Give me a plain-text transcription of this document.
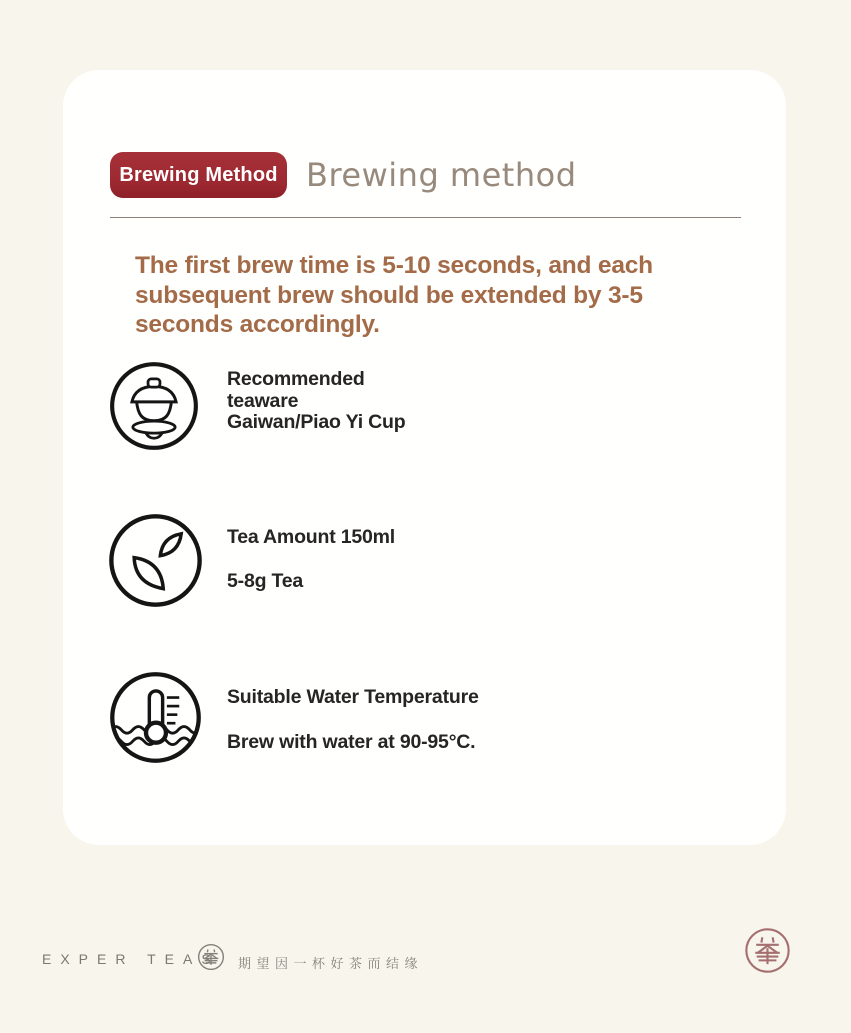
Brewing Method Brewing method
The first brew time is 5-10 seconds, and each
subsequent brew should be extended by 3-5
seconds accordingly.
Recommended
teaware
Gaiwan/Piao Yi Cup
Tea Amount 150ml
5-8g Tea
Suitable Water Temperature
Brew with water at 90-95°C.
EXPER TEAS 期望因一杯好茶而结缘
